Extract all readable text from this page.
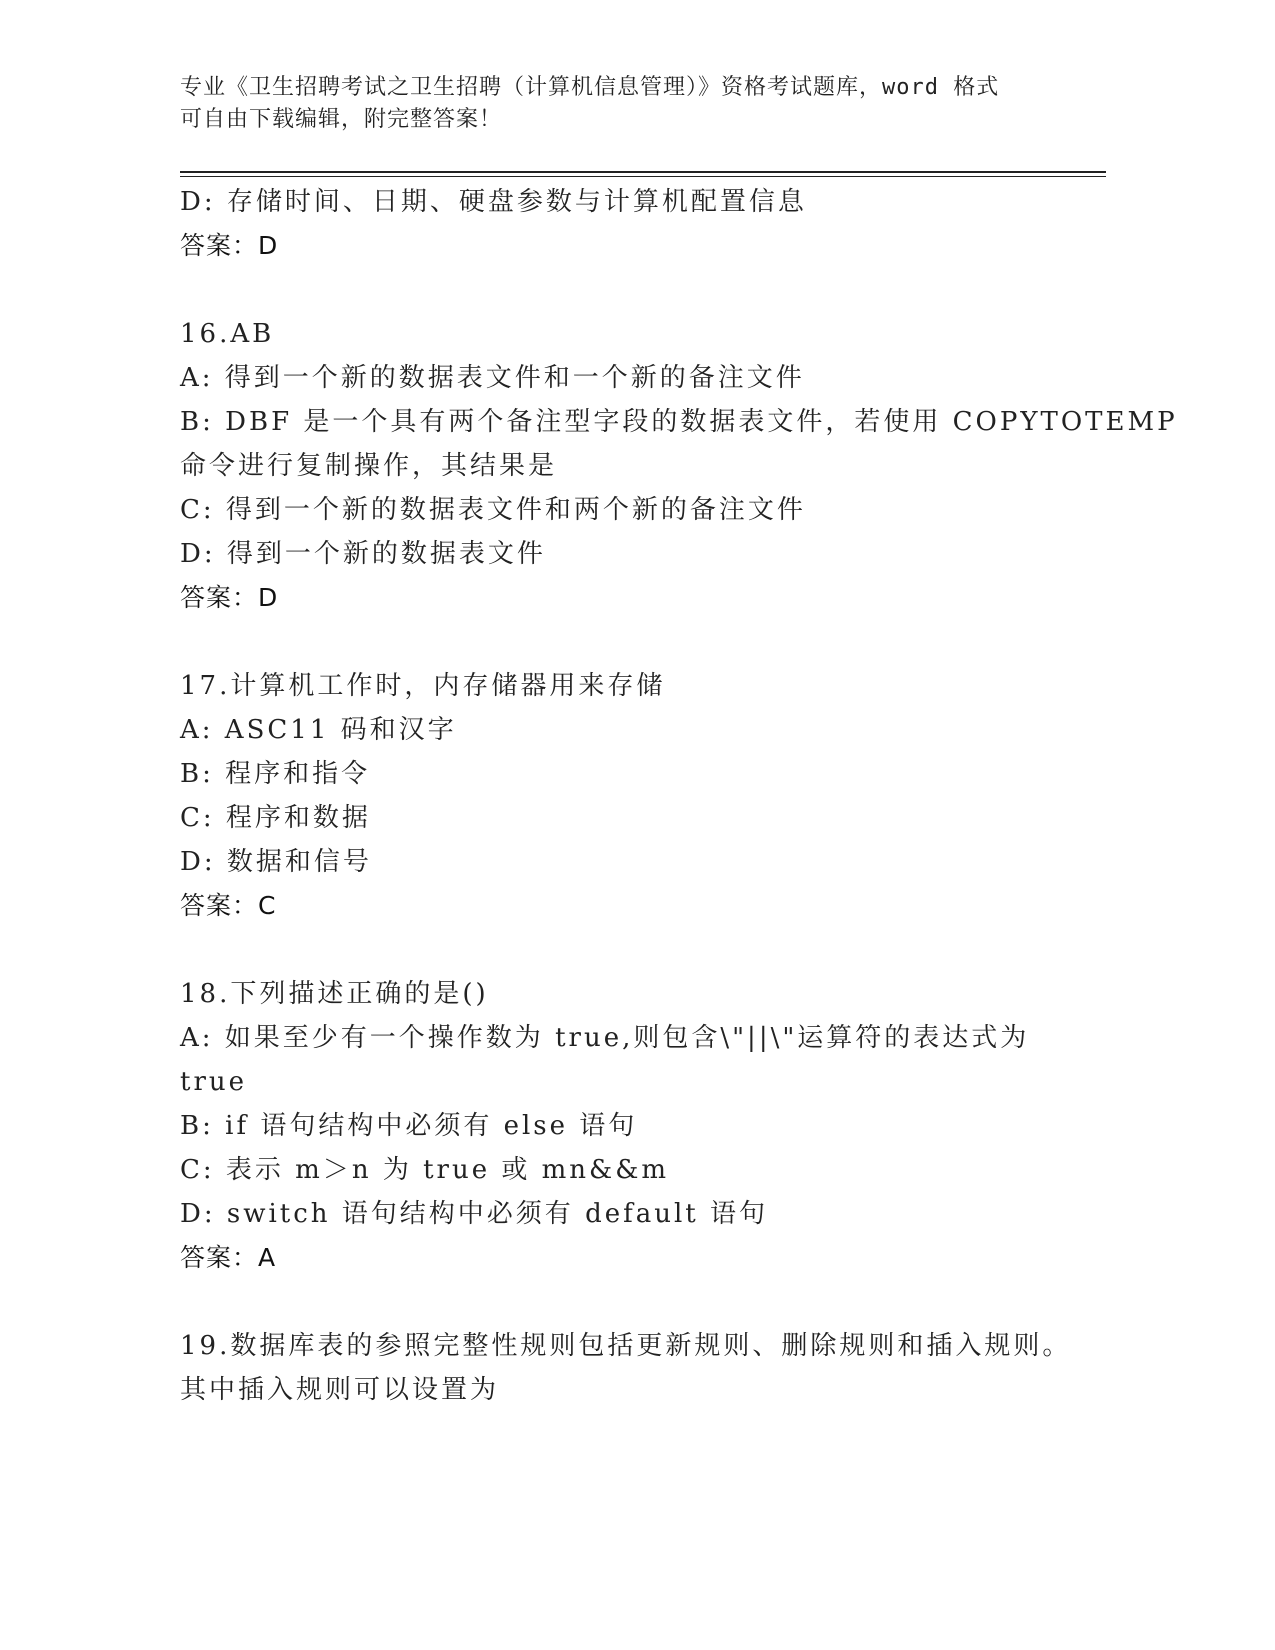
专业《卫生招聘考试之卫生招聘（计算机信息管理）》资格考试题库，word 格式
可自由下载编辑，附完整答案！
D: 存储时间、日期、硬盘参数与计算机配置信息
答案：D
16.AB
A: 得到一个新的数据表文件和一个新的备注文件
B: DBF 是一个具有两个备注型字段的数据表文件，若使用 COPYTOTEMP
命令进行复制操作，其结果是
C: 得到一个新的数据表文件和两个新的备注文件
D: 得到一个新的数据表文件
答案：D
17.计算机工作时，内存储器用来存储
A: ASC11 码和汉字
B: 程序和指令
C: 程序和数据
D: 数据和信号
答案：C
18.下列描述正确的是()
A: 如果至少有一个操作数为 true,则包含\"||\"运算符的表达式为
true
B: if 语句结构中必须有 else 语句
C: 表示 m＞n 为 true 或 mn&&m
D: switch 语句结构中必须有 default 语句
答案：A
19.数据库表的参照完整性规则包括更新规则、删除规则和插入规则。
其中插入规则可以设置为
